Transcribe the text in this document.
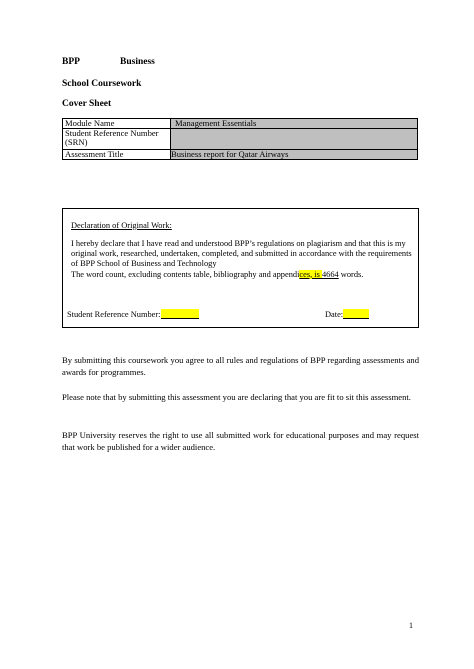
BPP	Business
School Coursework
Cover Sheet
Module Name	Management Essentials
Student Reference Number (SRN)	
Assessment Title	Business report for Qatar Airways
Declaration of Original Work:
I hereby declare that I have read and understood BPP’s regulations on plagiarism and that this is my original work, researched, undertaken, completed, and submitted in accordance with the requirements of BPP School of Business and Technology
The word count, excluding contents table, bibliography and appendices, is 4664 words.
Student Reference Number:	Date:
By submitting this coursework you agree to all rules and regulations of BPP regarding assessments and awards for programmes.
Please note that by submitting this assessment you are declaring that you are fit to sit this assessment.
BPP University reserves the right to use all submitted work for educational purposes and may request that work be published for a wider audience.
1
